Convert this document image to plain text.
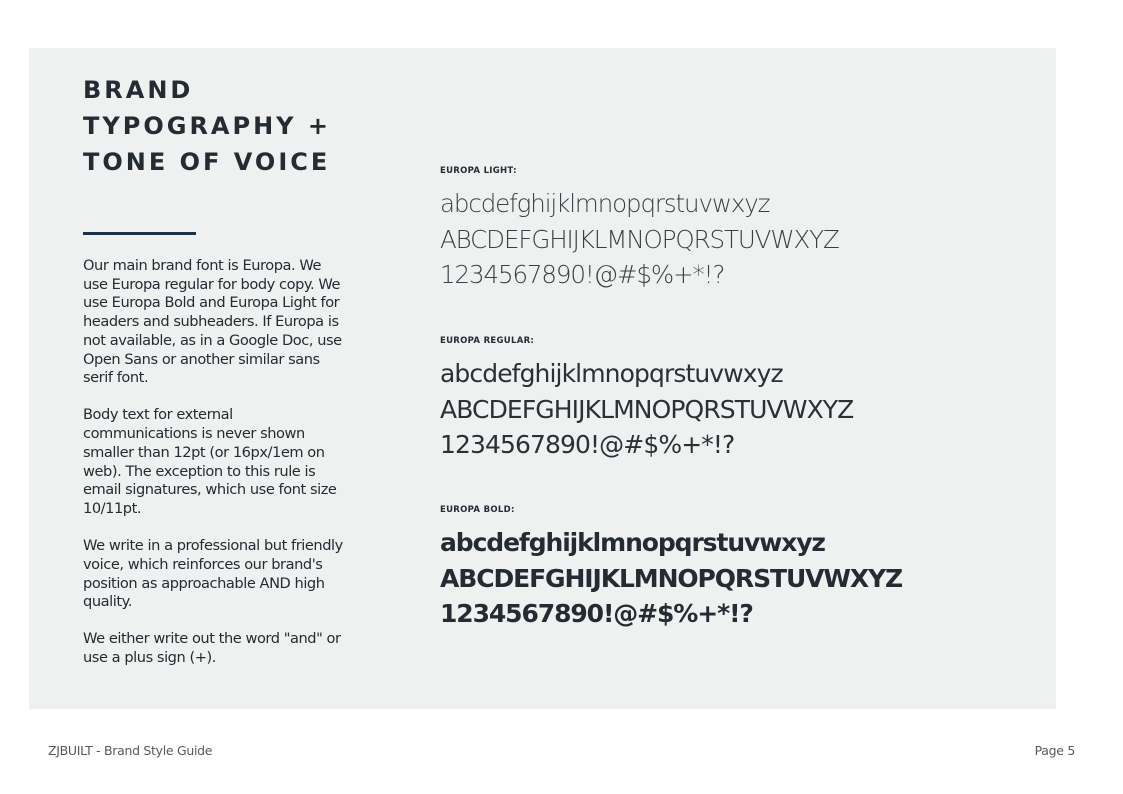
BRAND
TYPOGRAPHY +
TONE OF VOICE

Our main brand font is Europa. We use Europa regular for body copy. We use Europa Bold and Europa Light for headers and subheaders. If Europa is not available, as in a Google Doc, use Open Sans or another similar sans serif font.

Body text for external communications is never shown smaller than 12pt (or 16px/1em on web). The exception to this rule is email signatures, which use font size 10/11pt.

We write in a professional but friendly voice, which reinforces our brand's position as approachable AND high quality.

We either write out the word "and" or use a plus sign (+).

EUROPA LIGHT:
abcdefghijklmnopqrstuvwxyz
ABCDEFGHIJKLMNOPQRSTUVWXYZ
1234567890!@#$%+*!?
EUROPA REGULAR:
abcdefghijklmnopqrstuvwxyz
ABCDEFGHIJKLMNOPQRSTUVWXYZ
1234567890!@#$%+*!?
EUROPA BOLD:
abcdefghijklmnopqrstuvwxyz
ABCDEFGHIJKLMNOPQRSTUVWXYZ
1234567890!@#$%+*!?
ZJBUILT - Brand Style Guide	Page 5
